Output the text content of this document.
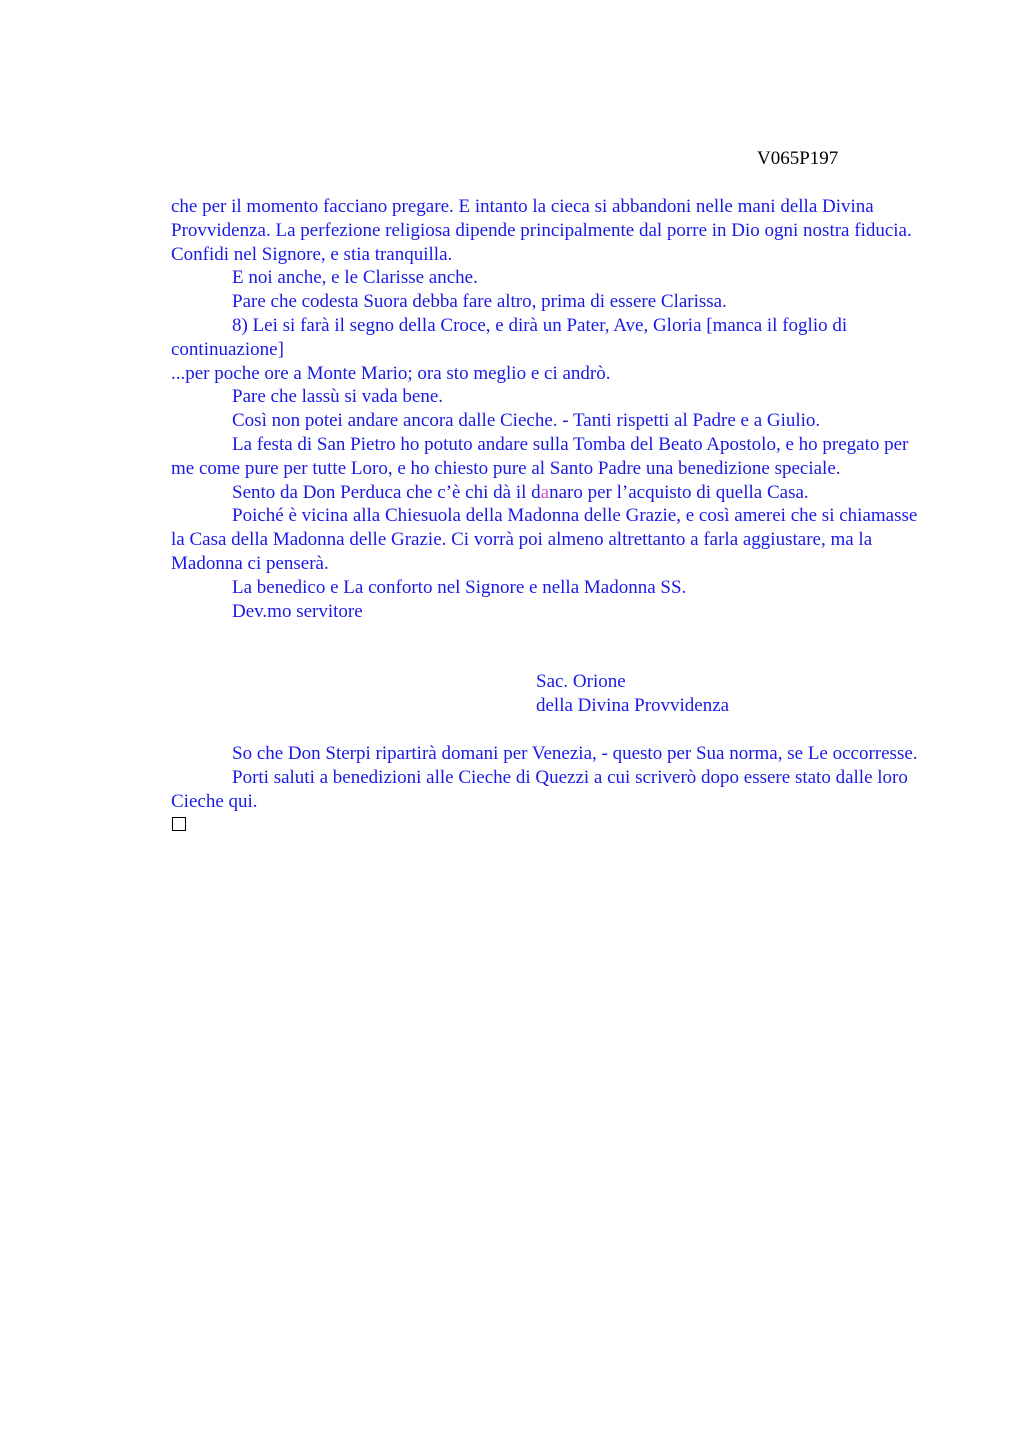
V065P197

che per il momento facciano pregare. E intanto la cieca si abbandoni nelle mani della Divina Provvidenza. La perfezione religiosa dipende principalmente dal porre in Dio ogni nostra fiducia. Confidi nel Signore, e stia tranquilla.

E noi anche, e le Clarisse anche.

Pare che codesta Suora debba fare altro, prima di essere Clarissa.

8) Lei si farà il segno della Croce, e dirà un Pater, Ave, Gloria [manca il foglio di continuazione]

...per poche ore a Monte Mario; ora sto meglio e ci andrò.

Pare che lassù si vada bene.

Così non potei andare ancora dalle Cieche. - Tanti rispetti al Padre e a Giulio.

La festa di San Pietro ho potuto andare sulla Tomba del Beato Apostolo, e ho pregato per me come pure per tutte Loro, e ho chiesto pure al Santo Padre una benedizione speciale.

Sento da Don Perduca che c’è chi dà il danaro per l’acquisto di quella Casa.

Poiché è vicina alla Chiesuola della Madonna delle Grazie, e così amerei che si chiamasse la Casa della Madonna delle Grazie. Ci vorrà poi almeno altrettanto a farla aggiustare, ma la Madonna ci penserà.

La benedico e La conforto nel Signore e nella Madonna SS.

Dev.mo servitore

Sac. Orione

della Divina Provvidenza

So che Don Sterpi ripartirà domani per Venezia, - questo per Sua norma, se Le occorresse.

Porti saluti a benedizioni alle Cieche di Quezzi a cui scriverò dopo essere stato dalle loro Cieche qui.
